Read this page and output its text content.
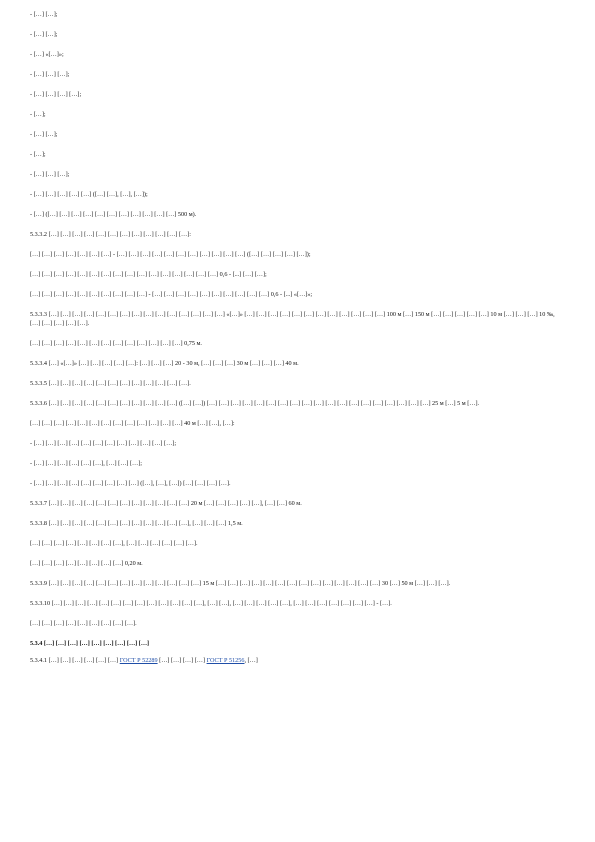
- […] […];
- […] […];
- […] «[…]»;
- […] […] […];
- […] […] […] […];
- […];
- […] […];
- […];
- […] […] […];
- […] […] […] […] […] ([…] […], […], […]);
- […] ([…] […] […] […] […] […] […] […] […] […] […] 500 м).
5.3.3.2 […] […] […] […] […] […] […] […] […] […] […] […]:
[…] […] […] […] […] […] […] - […] […] […] […] […] […] […] […] […] […] […] ([…] […] […] […] […]);
[…] […] […] […] […] […] […] […] […] […] […] […] […] […] […] […] 0,6 - [...] […] […];
[…] […] […] […] […] […] […] […] […] […] - […] […] […] […] […] […] […] […] […] […] 0,6 - [...] «[…]»;
5.3.3.3 […] […] […] […] […] […] […] […] […] […] […] […] […] […] […] «[…]» […] […] […] […] […] […] […] […] […] […] […] […] 100 м […] 150 м […] […] […] […] […] 10 м […] […] […] 10 ‰, […] […] […] […] […].
[…] […] […] […] […] […] […] […] […] […] […] […] […] 0,75 м.
5.3.3.4 […] «[…]» […] […] […] […] […]: […] […] […] 20 - 30 м, […] […] […] 30 м […] […] […] 40 м.
5.3.3.5 […] […] […] […] […] […] […] […] […] […] […] […].
5.3.3.6 […] […] […] […] […] […] […] […] […] […] […] ([…] […]) […] […] […] […] […] […] […] […] […] […] […] […] […] […] […] […] […] […] […] 25 м […] 5 м […].
[…] […] […] […] […] […] […] […] […] […] […] […] […] 40 м […] […], […]:
- […] […] […] […] […] […] […] […] […] […] […] […];
- […] […] […] […] […] […], […] […] […];
- […] […] […] […] […] […] […] […] […] ([…], […], […]) […] […] […] […].
5.3.3.7 […] […] […] […] […] […] […] […] […] […] […] […] 20 м […] […] […] […] […], […] […] 60 м.
5.3.3.8 […] […] […] […] […] […] […] […] […] […] […] […], […] […] […] 1,5 м.
[…] […] […] […] […] […] […] […], […] […] […] […] […] […].
[…] […] […] […] […] […] […] […] 0,20 м.
5.3.3.9 […] […] […] […] […] […] […] […] […] […] […] […] […] 15 м […] […] […] […] […] […] […] […] […] […] […] […] […] […] 30 […] 50 м […] […] […].
5.3.3.10 […] […] […] […] […] […] […] […] […] […] […] […] […], […] […], […] […] […] […] […], […] […] […] […] […] […] […] - […].
[…] […] […] […] […] […] […] […] […].
5.3.4 […] […] […] […] […] […] […] […] […]
5.3.4.1 […] […] […] […] […] […] ГОСТ Р 52289 […] […] […] […] ГОСТ Р 51256, […]
